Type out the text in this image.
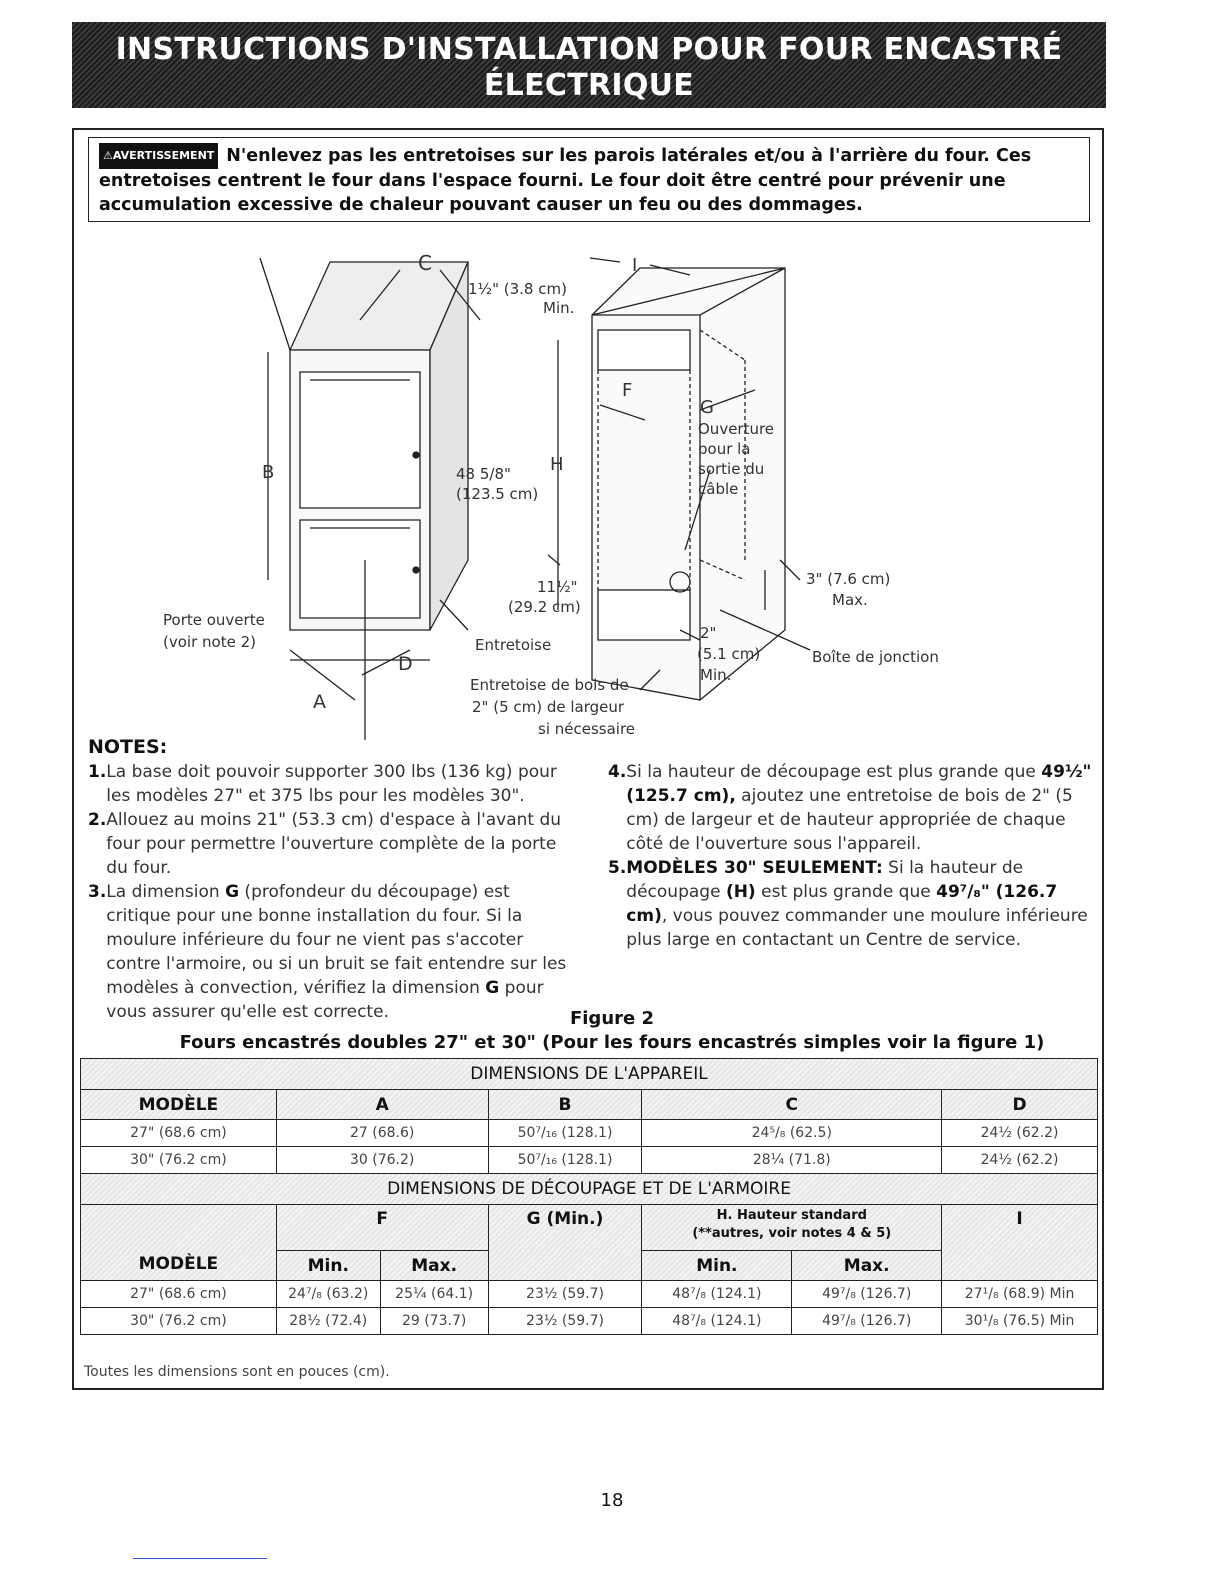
INSTRUCTIONS D'INSTALLATION POUR FOUR ENCASTRÉ ÉLECTRIQUE
(Combiné à une table de cuisson électrique ou à gaz (en option))
⚠AVERTISSEMENT N'enlevez pas les entretoises sur les parois latérales et/ou à l'arrière du four. Ces entretoises centrent le four dans l'espace fourni. Le four doit être centré pour prévenir une accumulation excessive de chaleur pouvant causer un feu ou des dommages.
1½" (3.8 cm)
Min.
C
B	H
48 5/8"
(123.5 cm)
11½"
(29.2 cm)
Entretoise
Porte ouverte
(voir note 2)
D
A
F
G
I
Ouverture
pour la
sortie du
câble
3" (7.6 cm)
Max.
2"
(5.1 cm)
Min.
Boîte de jonction
Entretoise de bois de
2" (5 cm) de largeur
si nécessaire
NOTES:
1. La base doit pouvoir supporter 300 lbs (136 kg) pour les modèles 27" et 375 lbs pour les modèles 30".
2. Allouez au moins 21" (53.3 cm) d'espace à l'avant du four pour permettre l'ouverture complète de la porte du four.
3. La dimension G (profondeur du découpage) est critique pour une bonne installation du four. Si la moulure inférieure du four ne vient pas s'accoter contre l'armoire, ou si un bruit se fait entendre sur les modèles à convection, vérifiez la dimension G pour vous assurer qu'elle est correcte.
4. Si la hauteur de découpage est plus grande que 49½" (125.7 cm), ajoutez une entretoise de bois de 2" (5 cm) de largeur et de hauteur appropriée de chaque côté de l'ouverture sous l'appareil.
5. MODÈLES 30" SEULEMENT: Si la hauteur de découpage (H) est plus grande que 49⁷/₈" (126.7 cm), vous pouvez commander une moulure inférieure plus large en contactant un Centre de service.
Figure 2
Fours encastrés doubles 27" et 30" (Pour les fours encastrés simples voir la figure 1)
DIMENSIONS DE L'APPAREIL						
MODÈLE	A		B	C		D
27" (68.6 cm)	27 (68.6)		50⁷/₁₆ (128.1)	24⁵/₈ (62.5)		24½ (62.2)
30" (76.2 cm)	30 (76.2)		50⁷/₁₆ (128.1)	28¼ (71.8)		24½ (62.2)
DIMENSIONS DE DÉCOUPAGE ET DE L'ARMOIRE						
MODÈLE	F		G (Min.)	H. Hauteur standard
(**autres, voir notes 4 & 5)		I
	Min.	Max.		Min.	Max.	
27" (68.6 cm)	24⁷/₈ (63.2)	25¼ (64.1)	23½ (59.7)	48⁷/₈ (124.1)	49⁷/₈ (126.7)	27¹/₈ (68.9) Min
30" (76.2 cm)	28½ (72.4)	29 (73.7)	23½ (59.7)	48⁷/₈ (124.1)	49⁷/₈ (126.7)	30¹/₈ (76.5) Min
Toutes les dimensions sont en pouces (cm).
18
